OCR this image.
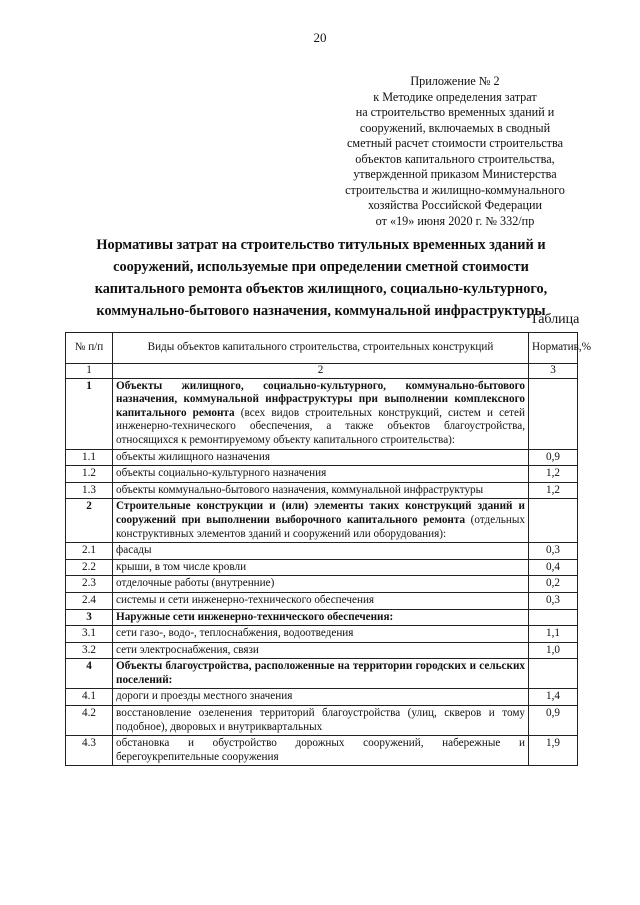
20
Приложение № 2
к Методике определения затрат
на строительство временных зданий и
сооружений, включаемых в сводный
сметный расчет стоимости строительства
объектов капитального строительства,
утвержденной приказом Министерства
строительства и жилищно-коммунального
хозяйства Российской Федерации
от «19» июня 2020 г. № 332/пр
Нормативы затрат на строительство титульных временных зданий и
сооружений, используемые при определении сметной стоимости
капитального ремонта объектов жилищного, социально-культурного,
коммунально-бытового назначения, коммунальной инфраструктуры
Таблица
№ п/п	Виды объектов капитального строительства, строительных конструкций	Норматив,%
1	2	3
1	Объекты жилищного, социально-культурного, коммунально-бытового назначения, коммунальной инфраструктуры при выполнении комплексного капитального ремонта (всех видов строительных конструкций, систем и сетей инженерно-технического обеспечения, а также объектов благоустройства, относящихся к ремонтируемому объекту капитального строительства):	
1.1	объекты жилищного назначения	0,9
1.2	объекты социально-культурного назначения	1,2
1.3	объекты коммунально-бытового назначения, коммунальной инфраструктуры	1,2
2	Строительные конструкции и (или) элементы таких конструкций зданий и сооружений при выполнении выборочного капитального ремонта (отдельных конструктивных элементов зданий и сооружений или оборудования):	
2.1	фасады	0,3
2.2	крыши, в том числе кровли	0,4
2.3	отделочные работы (внутренние)	0,2
2.4	системы и сети инженерно-технического обеспечения	0,3
3	Наружные сети инженерно-технического обеспечения:	
3.1	сети газо-, водо-, теплоснабжения, водоотведения	1,1
3.2	сети электроснабжения, связи	1,0
4	Объекты благоустройства, расположенные на территории городских и сельских поселений:	
4.1	дороги и проезды местного значения	1,4
4.2	восстановление озеленения территорий благоустройства (улиц, скверов и тому подобное), дворовых и внутриквартальных	0,9
4.3	обстановка и обустройство дорожных сооружений, набережные и берегоукрепительные сооружения	1,9
